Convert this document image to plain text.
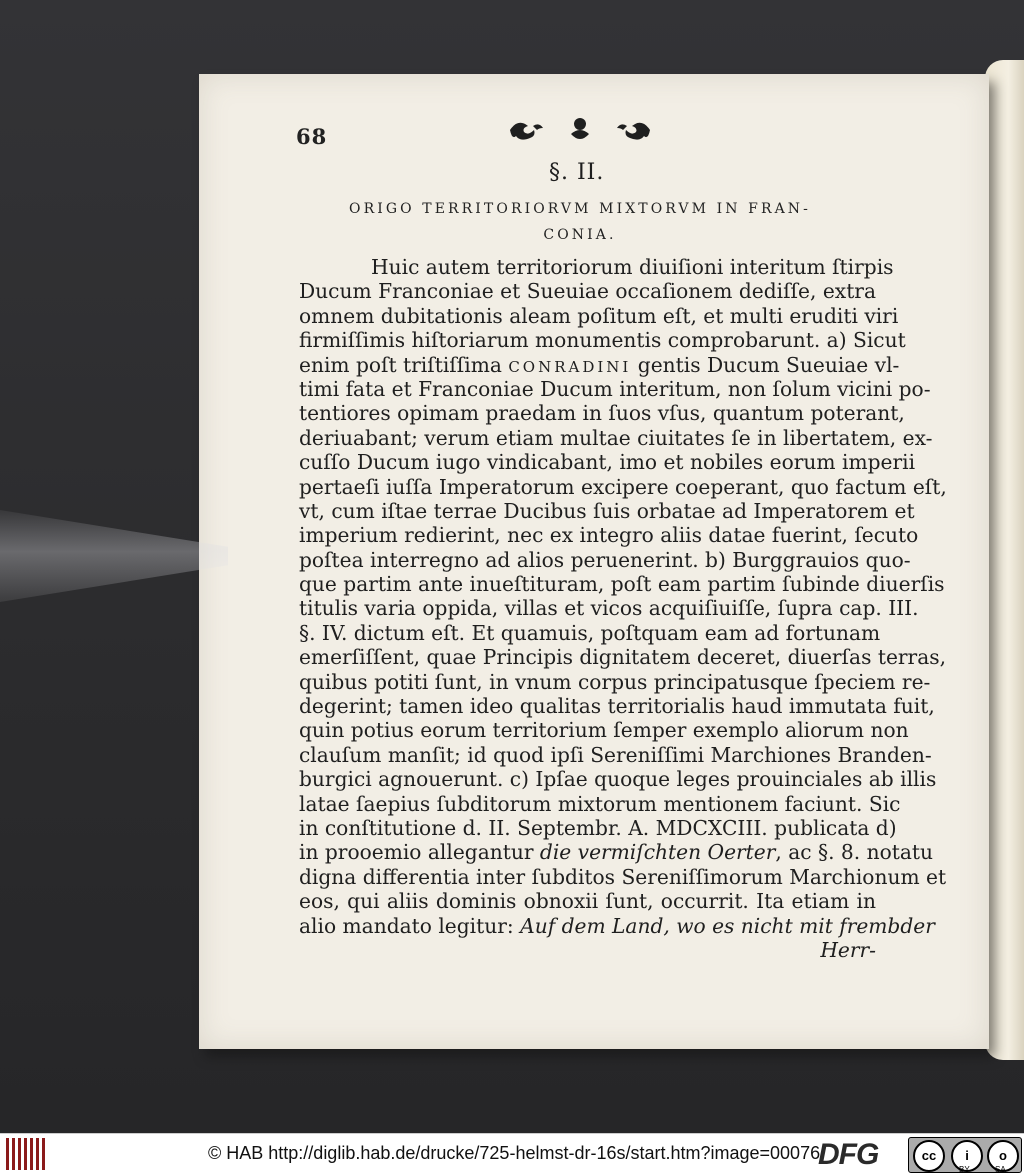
68
§. II.
ORIGO TERRITORIORVM MIXTORVM IN FRAN-
CONIA.
Huic autem territoriorum diuiſioni interitum ſtirpis
Ducum Franconiae et Sueuiae occaſionem dediſſe, extra
omnem dubitationis aleam poſitum eſt, et multi eruditi viri
firmiſſimis hiſtoriarum monumentis comprobarunt. a) Sicut
enim poſt triſtiſſima CONRADINI gentis Ducum Sueuiae vl-
timi fata et Franconiae Ducum interitum, non ſolum vicini po-
tentiores opimam praedam in ſuos vſus, quantum poterant,
deriuabant; verum etiam multae ciuitates ſe in libertatem, ex-
cuſſo Ducum iugo vindicabant, imo et nobiles eorum imperii
pertaeſi iuſſa Imperatorum excipere coeperant, quo factum eſt,
vt, cum iſtae terrae Ducibus ſuis orbatae ad Imperatorem et
imperium redierint, nec ex integro aliis datae fuerint, ſecuto
poſtea interregno ad alios peruenerint. b) Burggrauios quo-
que partim ante inueſtituram, poſt eam partim ſubinde diuerſis
titulis varia oppida, villas et vicos acquiſiuiſſe, ſupra cap. III.
§. IV. dictum eſt. Et quamuis, poſtquam eam ad fortunam
emerſiſſent, quae Principis dignitatem deceret, diuerſas terras,
quibus potiti ſunt, in vnum corpus principatusque ſpeciem re-
degerint; tamen ideo qualitas territorialis haud immutata fuit,
quin potius eorum territorium ſemper exemplo aliorum non
clauſum manſit; id quod ipſi Sereniſſimi Marchiones Branden-
burgici agnouerunt. c) Ipſae quoque leges prouinciales ab illis
latae ſaepius ſubditorum mixtorum mentionem faciunt. Sic
in conſtitutione d. II. Septembr. A. MDCXCIII. publicata d)
in prooemio allegantur die vermiſchten Oerter, ac §. 8. notatu
digna differentia inter ſubditos Sereniſſimorum Marchionum et
eos, qui aliis dominis obnoxii ſunt, occurrit. Ita etiam in
alio mandato legitur: Auf dem Land, wo es nicht mit frembder
Herr-
© HAB http://diglib.hab.de/drucke/725-helmst-dr-16s/start.htm?image=00076
DFG	cc	i	o
BY	SA
